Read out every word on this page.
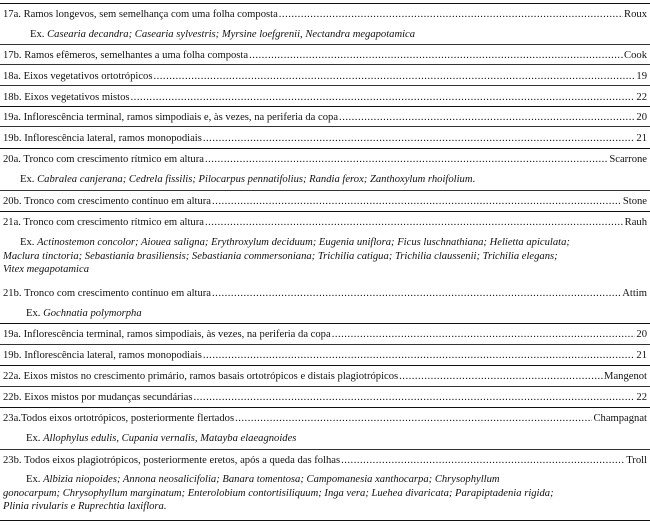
17a. Ramos longevos, sem semelhança com uma folha composta .....	Roux
Ex. Casearia decandra; Casearia sylvestris; Myrsine loefgrenii, Nectandra megapotamica
17b. Ramos efêmeros, semelhantes a uma folha composta .....	Cook
18a. Eixos vegetativos ortotrópicos .....	19
18b. Eixos vegetativos mistos .....	22
19a. Inflorescência terminal, ramos simpodiais e, às vezes, na periferia da copa .....	20
19b. Inflorescência lateral, ramos monopodiais .....	21
20a. Tronco com crescimento rítmico em altura .....	Scarrone
Ex. Cabralea canjerana; Cedrela fissilis; Pilocarpus pennatifolius; Randia ferox; Zanthoxylum rhoifolium.
20b. Tronco com crescimento contínuo em altura .....	Stone
21a. Tronco com crescimento rítmico em altura .....	Rauh
Ex. Actinostemon concolor; Aiouea saligna; Erythroxylum deciduum; Eugenia uniflora; Ficus luschnathiana; Helietta apiculata;
Maclura tinctoria; Sebastiania brasiliensis; Sebastiania commersoniana; Trichilia catigua; Trichilia claussenii; Trichilia elegans;
Vitex megapotamica
21b. Tronco com crescimento contínuo em altura .....	Attim
Ex. Gochnatia polymorpha
19a. Inflorescência terminal, ramos simpodiais, às vezes, na periferia da copa .....	20
19b. Inflorescência lateral, ramos monopodiais .....	21
22a. Eixos mistos no crescimento primário, ramos basais ortotrópicos e distais plagiotrópicos .....	Mangenot
22b. Eixos mistos por mudanças secundárias .....	22
23a.Todos eixos ortotrópicos, posteriormente flertados .....	Champagnat
Ex. Allophylus edulis, Cupania vernalis, Matayba elaeagnoides
23b. Todos eixos plagiotrópicos, posteriormente eretos, após a queda das folhas .....	Troll
Ex. Albizia niopoides; Annona neosalicifolia; Banara tomentosa; Campomanesia xanthocarpa; Chrysophyllum
gonocarpum; Chrysophyllum marginatum; Enterolobium contortisiliquum; Inga vera; Luehea divaricata; Parapiptadenia rigida;
Plinia rivularis e Ruprechtia laxiflora.
